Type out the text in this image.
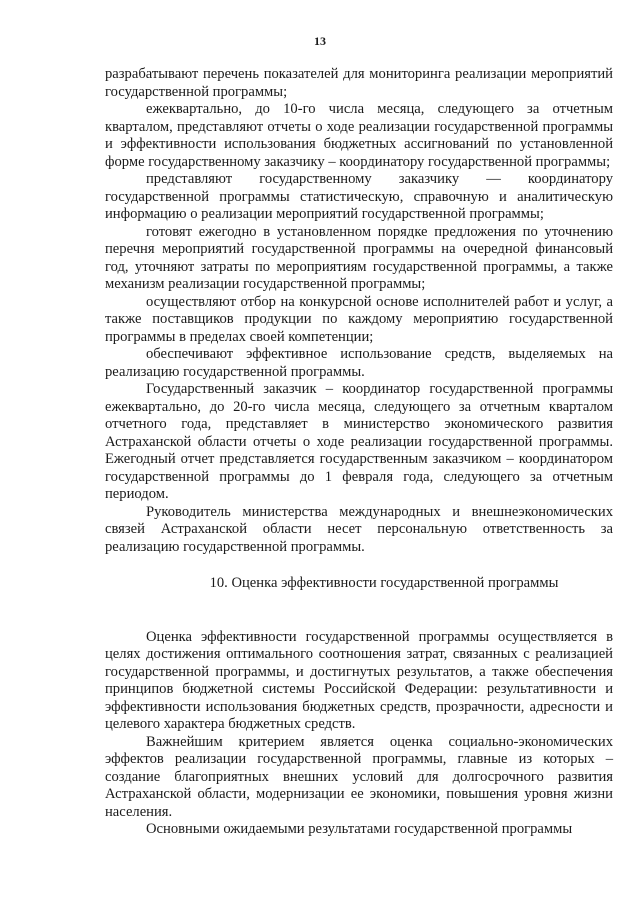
13

разрабатывают перечень показателей для мониторинга реализации мероприятий государственной программы;

ежеквартально, до 10-го числа месяца, следующего за отчетным кварталом, представляют отчеты о ходе реализации государственной программы и эффективности использования бюджетных ассигнований по установленной форме государственному заказчику – координатору государственной программы;

представляют государственному заказчику — координатору государственной программы статистическую, справочную и аналитическую информацию о реализации мероприятий государственной программы;

готовят ежегодно в установленном порядке предложения по уточнению перечня мероприятий государственной программы на очередной финансовый год, уточняют затраты по мероприятиям государственной программы, а также механизм реализации государственной программы;

осуществляют отбор на конкурсной основе исполнителей работ и услуг, а также поставщиков продукции по каждому мероприятию государственной программы в пределах своей компетенции;

обеспечивают эффективное использование средств, выделяемых на реализацию государственной программы.

Государственный заказчик – координатор государственной программы ежеквартально, до 20-го числа месяца, следующего за отчетным кварталом отчетного года, представляет в министерство экономического развития Астраханской области отчеты о ходе реализации государственной программы. Ежегодный отчет представляется государственным заказчиком – координатором государственной программы до 1 февраля года, следующего за отчетным периодом.

Руководитель министерства международных и внешнеэкономических связей Астраханской области несет персональную ответственность за реализацию государственной программы.

10. Оценка эффективности государственной программы

Оценка эффективности государственной программы осуществляется в целях достижения оптимального соотношения затрат, связанных с реализацией государственной программы, и достигнутых результатов, а также обеспечения принципов бюджетной системы Российской Федерации: результативности и эффективности использования бюджетных средств, прозрачности, адресности и целевого характера бюджетных средств.

Важнейшим критерием является оценка социально-экономических эффектов реализации государственной программы, главные из которых – создание благоприятных внешних условий для долгосрочного развития Астраханской области, модернизации ее экономики, повышения уровня жизни населения.

Основными ожидаемыми результатами государственной программы
